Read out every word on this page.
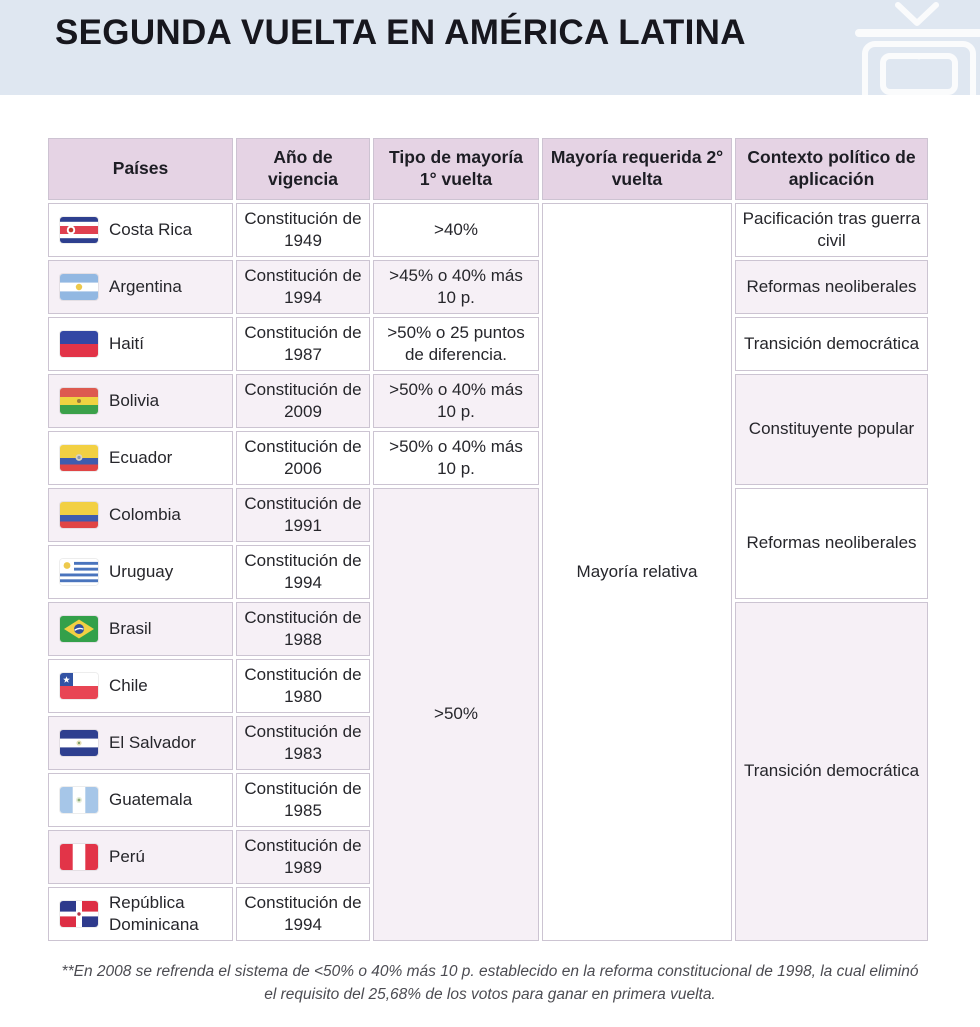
SEGUNDA VUELTA EN AMÉRICA LATINA
Países	Año de vigencia	Tipo de mayoría 1° vuelta	Mayoría requerida 2° vuelta	Contexto político de aplicación

Costa Rica	Constitución de 1949	>40%	Mayoría relativa	Pacificación tras guerra civil

Argentina	Constitución de 1994	>45% o 40% más 10 p.		Reformas neoliberales

Haití	Constitución de 1987	>50% o 25 puntos de diferencia.		Transición democrática

Bolivia	Constitución de 2009	>50% o 40% más 10 p.		Constituyente popular

Ecuador	Constitución de 2006	>50% o 40% más 10 p.		

Colombia	Constitución de 1991	>50%		Reformas neoliberales

Uruguay	Constitución de 1994			

Brasil	Constitución de 1988			Transición democrática

Chile	Constitución de 1980			

El Salvador	Constitución de 1983			

Guatemala	Constitución de 1985			

Perú	Constitución de 1989			

República Dominicana	Constitución de 1994			

**En 2008 se refrenda el sistema de <50% o 40% más 10 p. establecido en la reforma constitucional de 1998, la cual eliminó el requisito del 25,68% de los votos para ganar en primera vuelta.
